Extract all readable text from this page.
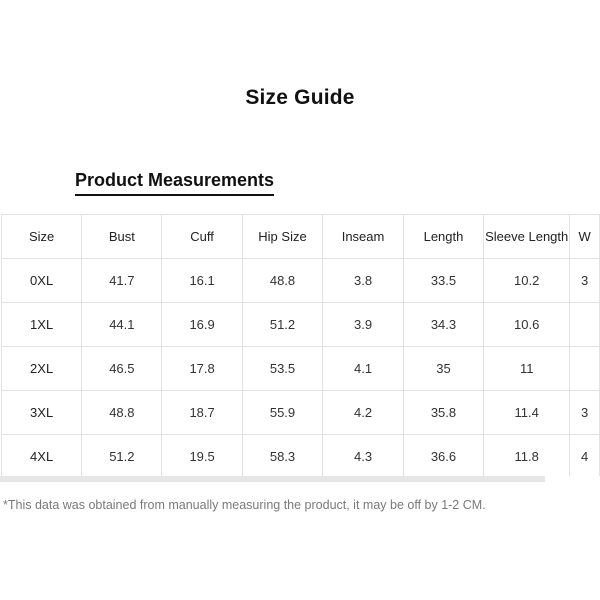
Size Guide
Product Measurements
Size	Bust	Cuff	Hip Size	Inseam	Length	Sleeve Length	W
0XL	41.7	16.1	48.8	3.8	33.5	10.2	3
1XL	44.1	16.9	51.2	3.9	34.3	10.6	
2XL	46.5	17.8	53.5	4.1	35	11	
3XL	48.8	18.7	55.9	4.2	35.8	11.4	3
4XL	51.2	19.5	58.3	4.3	36.6	11.8	4
*This data was obtained from manually measuring the product, it may be off by 1-2 CM.
